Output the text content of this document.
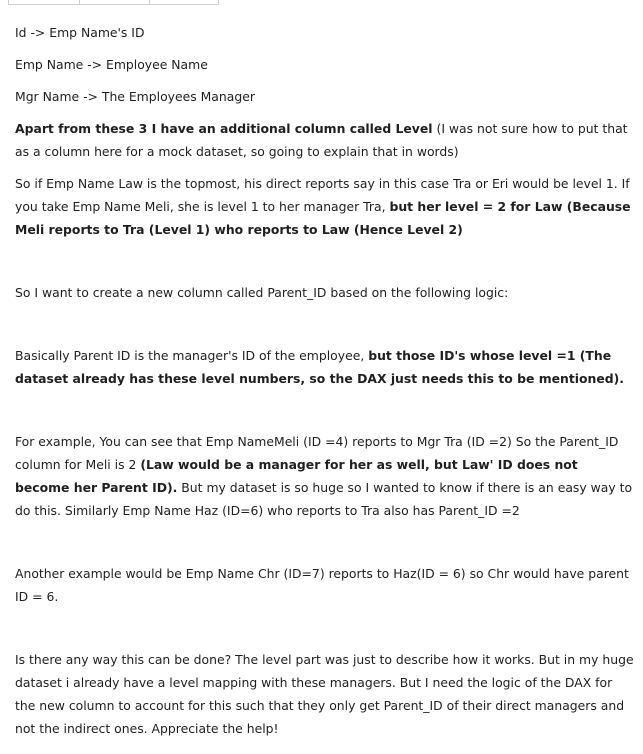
Id -> Emp Name's ID

Emp Name -> Employee Name

Mgr Name -> The Employees Manager

Apart from these 3 I have an additional column called Level (I was not sure how to put that as a column here for a mock dataset, so going to explain that in words)

So if Emp Name Law is the topmost, his direct reports say in this case Tra or Eri would be level 1. If you take Emp Name Meli, she is level 1 to her manager Tra, but her level = 2 for Law (Because Meli reports to Tra (Level 1) who reports to Law (Hence Level 2)

So I want to create a new column called Parent_ID based on the following logic:

Basically Parent ID is the manager's ID of the employee, but those ID's whose level =1 (The dataset already has these level numbers, so the DAX just needs this to be mentioned).

For example, You can see that Emp NameMeli (ID =4) reports to Mgr Tra (ID =2) So the Parent_ID column for Meli is 2 (Law would be a manager for her as well, but Law' ID does not become her Parent ID). But my dataset is so huge so I wanted to know if there is an easy way to do this. Similarly Emp Name Haz (ID=6) who reports to Tra also has Parent_ID =2

Another example would be Emp Name Chr (ID=7) reports to Haz(ID = 6) so Chr would have parent ID = 6.

Is there any way this can be done? The level part was just to describe how it works. But in my huge dataset i already have a level mapping with these managers. But I need the logic of the DAX for the new column to account for this such that they only get Parent_ID of their direct managers and not the indirect ones. Appreciate the help!
